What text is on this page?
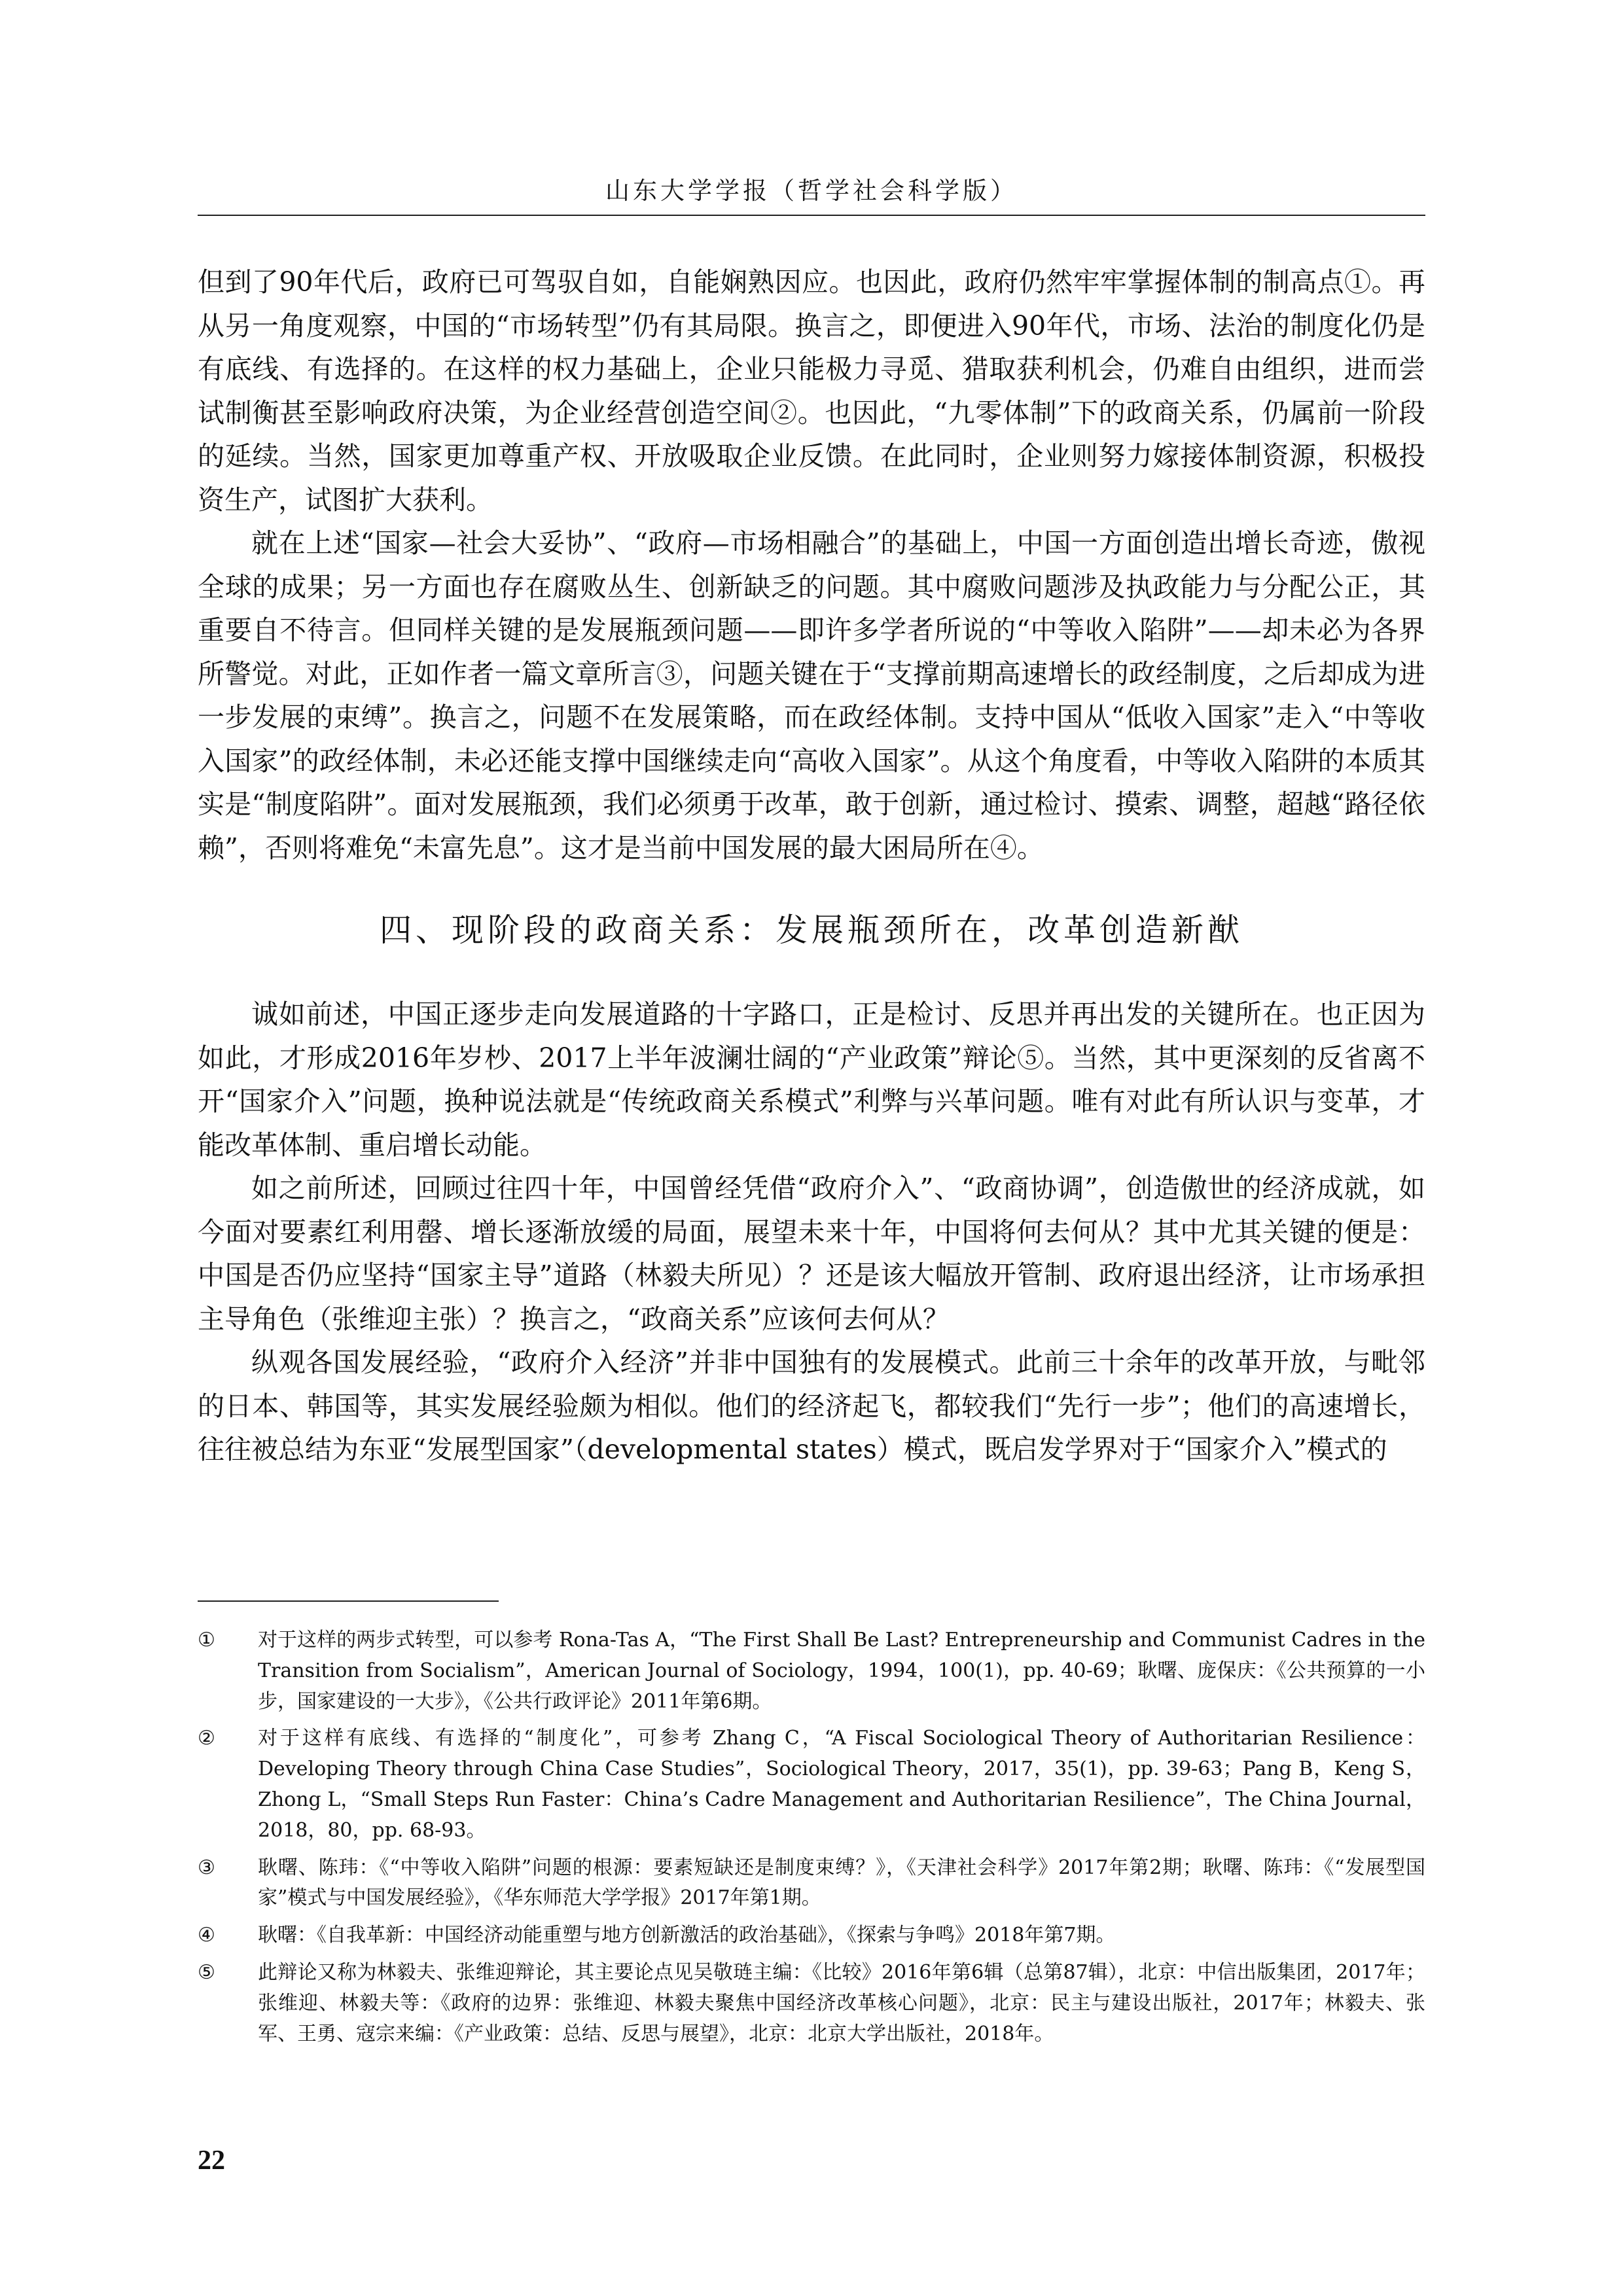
山东大学学报（哲学社会科学版）

但到了90年代后，政府已可驾驭自如，自能娴熟因应。也因此，政府仍然牢牢掌握体制的制高点①。再从另一角度观察，中国的“市场转型”仍有其局限。换言之，即便进入90年代，市场、法治的制度化仍是有底线、有选择的。在这样的权力基础上，企业只能极力寻觅、猎取获利机会，仍难自由组织，进而尝试制衡甚至影响政府决策，为企业经营创造空间②。也因此，“九零体制”下的政商关系，仍属前一阶段的延续。当然，国家更加尊重产权、开放吸取企业反馈。在此同时，企业则努力嫁接体制资源，积极投资生产，试图扩大获利。

就在上述“国家—社会大妥协”、“政府—市场相融合”的基础上，中国一方面创造出增长奇迹，傲视全球的成果；另一方面也存在腐败丛生、创新缺乏的问题。其中腐败问题涉及执政能力与分配公正，其重要自不待言。但同样关键的是发展瓶颈问题——即许多学者所说的“中等收入陷阱”——却未必为各界所警觉。对此，正如作者一篇文章所言③，问题关键在于“支撑前期高速增长的政经制度，之后却成为进一步发展的束缚”。换言之，问题不在发展策略，而在政经体制。支持中国从“低收入国家”走入“中等收入国家”的政经体制，未必还能支撑中国继续走向“高收入国家”。从这个角度看，中等收入陷阱的本质其实是“制度陷阱”。面对发展瓶颈，我们必须勇于改革，敢于创新，通过检讨、摸索、调整，超越“路径依赖”，否则将难免“未富先息”。这才是当前中国发展的最大困局所在④。

四、现阶段的政商关系：发展瓶颈所在，改革创造新猷

诚如前述，中国正逐步走向发展道路的十字路口，正是检讨、反思并再出发的关键所在。也正因为如此，才形成2016年岁杪、2017上半年波澜壮阔的“产业政策”辩论⑤。当然，其中更深刻的反省离不开“国家介入”问题，换种说法就是“传统政商关系模式”利弊与兴革问题。唯有对此有所认识与变革，才能改革体制、重启增长动能。

如之前所述，回顾过往四十年，中国曾经凭借“政府介入”、“政商协调”，创造傲世的经济成就，如今面对要素红利用罄、增长逐渐放缓的局面，展望未来十年，中国将何去何从？其中尤其关键的便是：中国是否仍应坚持“国家主导”道路（林毅夫所见）？还是该大幅放开管制、政府退出经济，让市场承担主导角色（张维迎主张）？换言之，“政商关系”应该何去何从？

纵观各国发展经验，“政府介入经济”并非中国独有的发展模式。此前三十余年的改革开放，与毗邻的日本、韩国等，其实发展经验颇为相似。他们的经济起飞，都较我们“先行一步”；他们的高速增长，往往被总结为东亚“发展型国家”（developmental states）模式，既启发学界对于“国家介入”模式的

① 对于这样的两步式转型，可以参考 Rona-Tas A，“The First Shall Be Last? Entrepreneurship and Communist Cadres in the Transition from Socialism”，American Journal of Sociology，1994，100(1)，pp. 40-69；耿曙、庞保庆：《公共预算的一小步，国家建设的一大步》，《公共行政评论》2011年第6期。
② 对于这样有底线、有选择的“制度化”，可参考 Zhang C，“A Fiscal Sociological Theory of Authoritarian Resilience：Developing Theory through China Case Studies”，Sociological Theory，2017，35(1)，pp. 39-63；Pang B，Keng S，Zhong L，“Small Steps Run Faster：China’s Cadre Management and Authoritarian Resilience”，The China Journal，2018，80，pp. 68-93。
③ 耿曙、陈玮：《“中等收入陷阱”问题的根源：要素短缺还是制度束缚？》，《天津社会科学》2017年第2期；耿曙、陈玮：《“发展型国家”模式与中国发展经验》，《华东师范大学学报》2017年第1期。
④ 耿曙：《自我革新：中国经济动能重塑与地方创新激活的政治基础》，《探索与争鸣》2018年第7期。
⑤ 此辩论又称为林毅夫、张维迎辩论，其主要论点见吴敬琏主编：《比较》2016年第6辑（总第87辑），北京：中信出版集团，2017年；张维迎、林毅夫等：《政府的边界：张维迎、林毅夫聚焦中国经济改革核心问题》，北京：民主与建设出版社，2017年；林毅夫、张军、王勇、寇宗来编：《产业政策：总结、反思与展望》，北京：北京大学出版社，2018年。
22
